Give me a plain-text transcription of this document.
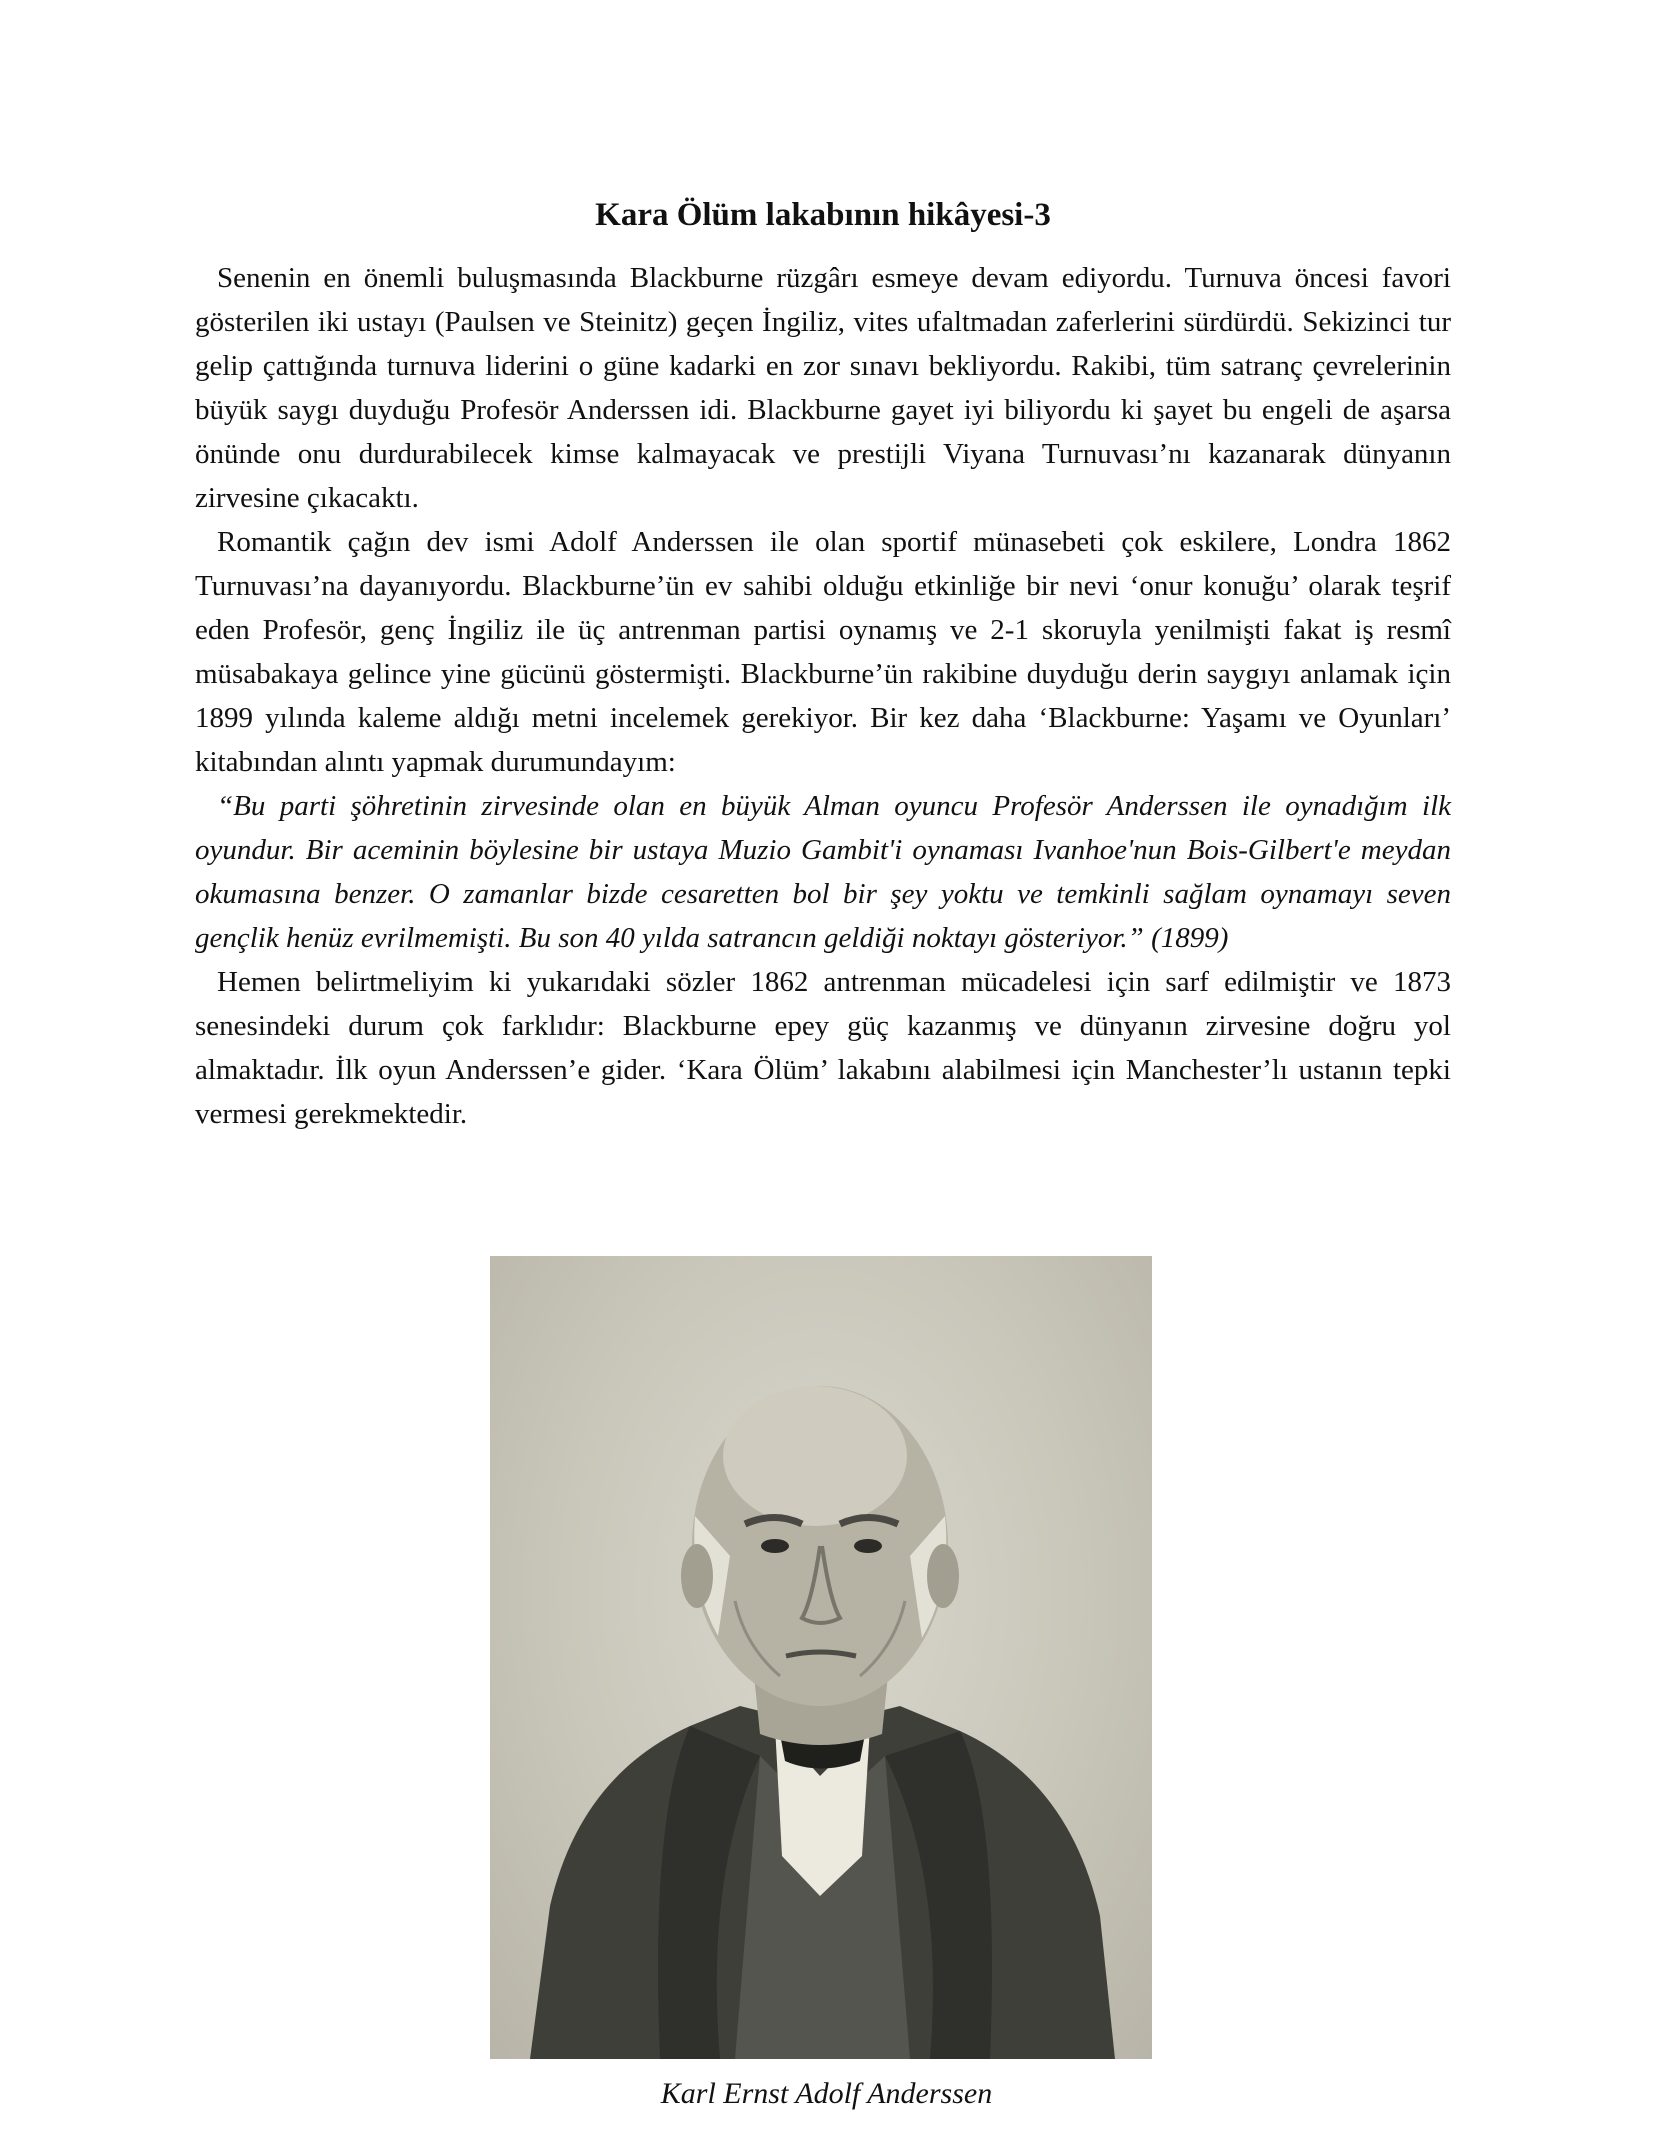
Kara Ölüm lakabının hikâyesi-3

Senenin en önemli buluşmasında Blackburne rüzgârı esmeye devam ediyordu. Turnuva öncesi favori gösterilen iki ustayı (Paulsen ve Steinitz) geçen İngiliz, vites ufaltmadan zaferlerini sürdürdü. Sekizinci tur gelip çattığında turnuva liderini o güne kadarki en zor sınavı bekliyordu. Rakibi, tüm satranç çevrelerinin büyük saygı duyduğu Profesör Anderssen idi. Blackburne gayet iyi biliyordu ki şayet bu engeli de aşarsa önünde onu durdurabilecek kimse kalmayacak ve prestijli Viyana Turnuvası’nı kazanarak dünyanın zirvesine çıkacaktı.

Romantik çağın dev ismi Adolf Anderssen ile olan sportif münasebeti çok eskilere, Londra 1862 Turnuvası’na dayanıyordu. Blackburne’ün ev sahibi olduğu etkinliğe bir nevi ‘onur konuğu’ olarak teşrif eden Profesör, genç İngiliz ile üç antrenman partisi oynamış ve 2-1 skoruyla yenilmişti fakat iş resmî müsabakaya gelince yine gücünü göstermişti. Blackburne’ün rakibine duyduğu derin saygıyı anlamak için 1899 yılında kaleme aldığı metni incelemek gerekiyor. Bir kez daha ‘Blackburne: Yaşamı ve Oyunları’ kitabından alıntı yapmak durumundayım:

“Bu parti şöhretinin zirvesinde olan en büyük Alman oyuncu Profesör Anderssen ile oynadığım ilk oyundur. Bir aceminin böylesine bir ustaya Muzio Gambit'i oynaması Ivanhoe'nun Bois-Gilbert'e meydan okumasına benzer. O zamanlar bizde cesaretten bol bir şey yoktu ve temkinli sağlam oynamayı seven gençlik henüz evrilmemişti. Bu son 40 yılda satrancın geldiği noktayı gösteriyor.” (1899)

Hemen belirtmeliyim ki yukarıdaki sözler 1862 antrenman mücadelesi için sarf edilmiştir ve 1873 senesindeki durum çok farklıdır: Blackburne epey güç kazanmış ve dünyanın zirvesine doğru yol almaktadır. İlk oyun Anderssen’e gider. ‘Kara Ölüm’ lakabını alabilmesi için Manchester’lı ustanın tepki vermesi gerekmektedir.

Karl Ernst Adolf Anderssen
